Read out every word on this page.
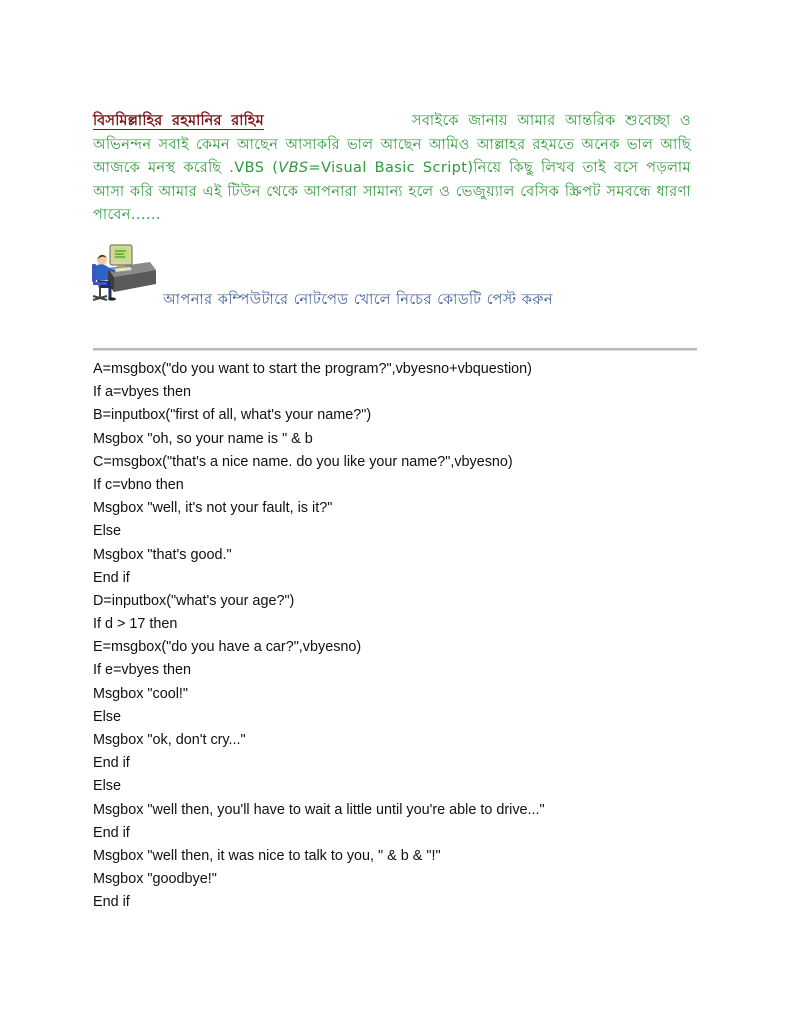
বিসমিল্লাহির রহমানির রাহিম	সবাইকে জানায় আমার আন্তরিক শুবেচ্ছা ও অভিনন্দন সবাই কেমন আছেন আসাকরি ভাল আছেন আমিও আল্লাহর রহমতে অনেক ভাল আছি আজকে মনস্থ করেছি .VBS (VBS=Visual Basic Script)নিয়ে কিছু লিখব তাই বসে পড়লাম আসা করি আমার এই টিউন থেকে আপনারা সামান্য হলে ও ভেজুয়্যাল বেসিক স্ক্রিপট সমবন্ধে ধারণা পাবেন......
আপনার কম্পিউটারে নোটপেড খোলে নিচের কোডটি পেস্ট করুন
A=msgbox("do you want to start the program?",vbyesno+vbquestion)
If a=vbyes then
B=inputbox("first of all, what's your name?")
Msgbox "oh, so your name is " & b
C=msgbox("that's a nice name. do you like your name?",vbyesno)
If c=vbno then
Msgbox "well, it's not your fault, is it?"
Else
Msgbox "that's good."
End if
D=inputbox("what's your age?")
If d > 17 then
E=msgbox("do you have a car?",vbyesno)
If e=vbyes then
Msgbox "cool!"
Else
Msgbox "ok, don't cry..."
End if
Else
Msgbox "well then, you'll have to wait a little until you're able to drive..."
End if
Msgbox "well then, it was nice to talk to you, " & b & "!"
Msgbox "goodbye!"
End if
